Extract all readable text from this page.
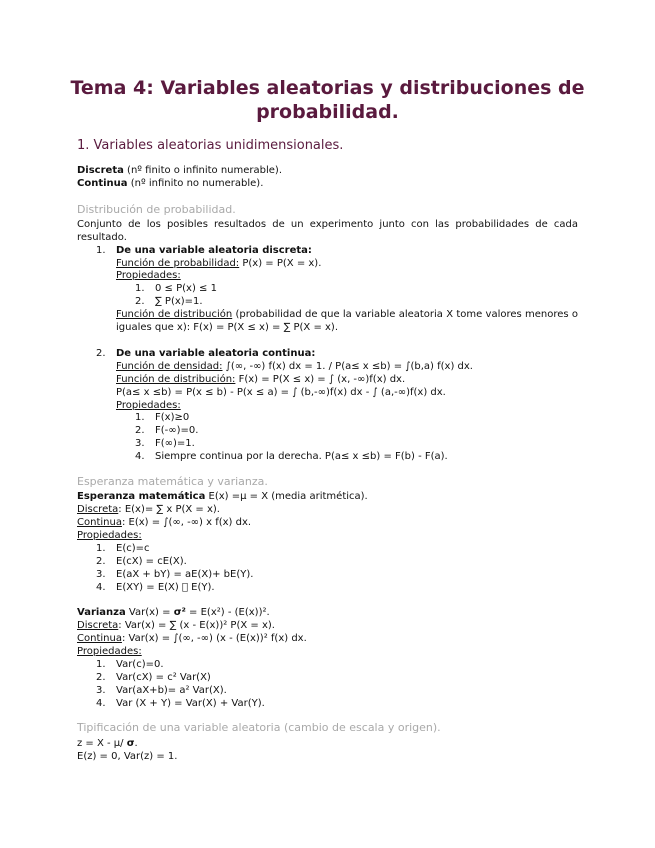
Tema 4: Variables aleatorias y distribuciones de probabilidad.
1. Variables aleatorias unidimensionales.
Discreta (nº finito o infinito numerable).
Continua (nº infinito no numerable).
Distribución de probabilidad.
Conjunto de los posibles resultados de un experimento junto con las probabilidades de cada resultado.
1. De una variable aleatoria discreta:
Función de probabilidad: P(x) = P(X = x).
Propiedades:
1. 0 ≤ P(x) ≤ 1
2. ∑ P(x)=1.
Función de distribución (probabilidad de que la variable aleatoria X tome valores menores o iguales que x): F(x) = P(X ≤ x) = ∑ P(X = x).
2. De una variable aleatoria continua:
Función de densidad: ∫(∞, -∞) f(x) dx = 1. / P(a≤ x ≤b) = ∫(b,a) f(x) dx.
Función de distribución: F(x) = P(X ≤ x) = ∫ (x, -∞)f(x) dx.
P(a≤ x ≤b) = P(x ≤ b) - P(x ≤ a) = ∫ (b,-∞)f(x) dx - ∫ (a,-∞)f(x) dx.
Propiedades:
1. F(x)≥0
2. F(-∞)=0.
3. F(∞)=1.
4. Siempre continua por la derecha. P(a≤ x ≤b) = F(b) - F(a).
Esperanza matemática y varianza.
Esperanza matemática E(x) =μ = X (media aritmética).
Discreta: E(x)= ∑ x P(X = x).
Continua: E(x) = ∫(∞, -∞) x f(x) dx.
Propiedades:
1. E(c)=c
2. E(cX) = cE(X).
3. E(aX + bY) = aE(X)+ bE(Y).
4. E(XY) = E(X) ⃞ E(Y).
Varianza Var(x) = σ² = E(x²) - (E(x))².
Discreta: Var(x) = ∑ (x - E(x))² P(X = x).
Continua: Var(x) = ∫(∞, -∞) (x - (E(x))² f(x) dx.
Propiedades:
1. Var(c)=0.
2. Var(cX) = c² Var(X)
3. Var(aX+b)= a² Var(X).
4. Var (X + Y) = Var(X) + Var(Y).
Tipificación de una variable aleatoria (cambio de escala y origen).
z = X - μ/ σ.
E(z) = 0, Var(z) = 1.
